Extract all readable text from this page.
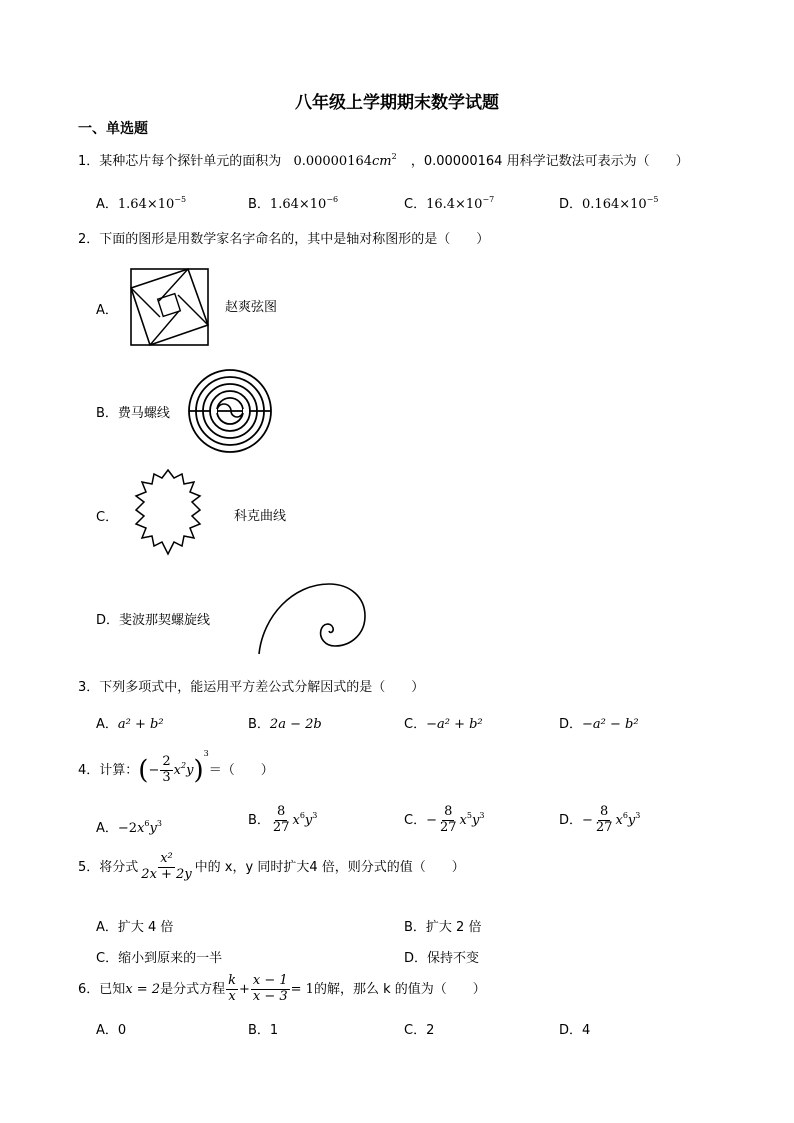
八年级上学期期末数学试题
一、单选题
1．某种芯片每个探针单元的面积为 $0.00000164cm^2$ ，0.00000164 用科学记数法可表示为（　　）
A．$1.64\times 10^{-5}$	B．$1.64\times 10^{-6}$	C．$16.4\times 10^{-7}$	D．$0.164\times 10^{-5}$
2．下面的图形是用数学家名字命名的，其中是轴对称图形的是（　　）
A．	赵爽弦图
B．费马螺线
C．	科克曲线
D．斐波那契螺旋线
3．下列多项式中，能运用平方差公式分解因式的是（　　）
A．a² + b²	B．2a − 2b	C．−a² + b²	D．−a² − b²
4．计算：(− $\frac{2}{3} x^2y)^3=$（　　）
A．$-2x^6y^3$	B． $\frac{8}{27} x^6y^3$	C．− $\frac{8}{27} x^5y^3$	D．− $\frac{8}{27} x^6y^3$
5．将分式 $\frac{\text{x²}}{2x + 2y}$ 中的 x，y 同时扩大4 倍，则分式的值（　　）
A．扩大 4 倍	B．扩大 2 倍
C．缩小到原来的一半	D．保持不变
6．已知x = 2是分式方程 $\frac{k}{x} + \frac{x - 1}{x - 3} = 1$的解，那么 k 的值为（　　）
A．0	B．1	C．2	D．4
